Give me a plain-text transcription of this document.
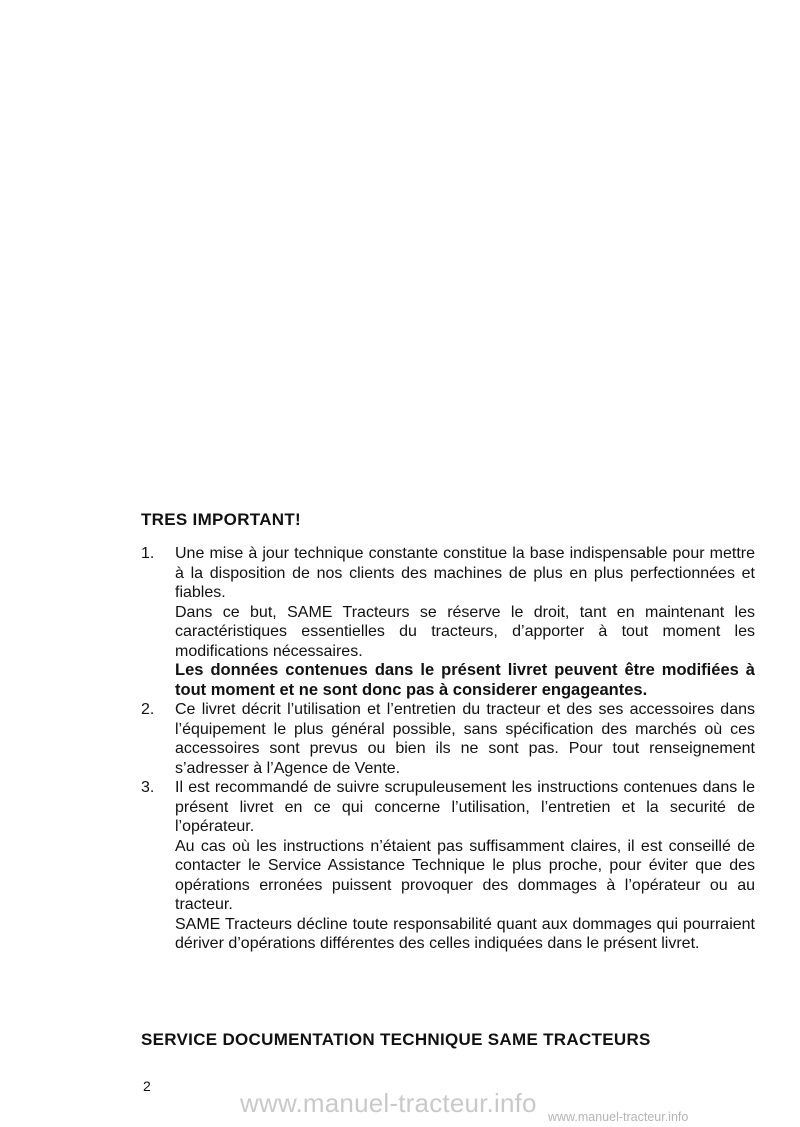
TRES IMPORTANT!
1. Une mise à jour technique constante constitue la base indispensable pour mettre à la disposition de nos clients des machines de plus en plus perfectionnées et fiables.

Dans ce but, SAME Tracteurs se réserve le droit, tant en maintenant les caractéristiques essentielles du tracteurs, d’apporter à tout moment les modifications nécessaires.

Les données contenues dans le présent livret peuvent être modifiées à tout moment et ne sont donc pas à considerer engageantes.

2. Ce livret décrit l’utilisation et l’entretien du tracteur et des ses accessoires dans l’équipement le plus général possible, sans spécification des marchés où ces accessoires sont prevus ou bien ils ne sont pas. Pour tout renseignement s’adresser à l’Agence de Vente.

3. Il est recommandé de suivre scrupuleusement les instructions contenues dans le présent livret en ce qui concerne l’utilisation, l’entretien et la securité de l’opérateur.

Au cas où les instructions n’étaient pas suffisamment claires, il est conseillé de contacter le Service Assistance Technique le plus proche, pour éviter que des opérations erronées puissent provoquer des dommages à l’opérateur ou au tracteur.

SAME Tracteurs décline toute responsabilité quant aux dommages qui pourraient dériver d’opérations différentes des celles indiquées dans le présent livret.

SERVICE DOCUMENTATION TECHNIQUE SAME TRACTEURS
2
www.manuel-tracteur.info www.manuel-tracteur.info
